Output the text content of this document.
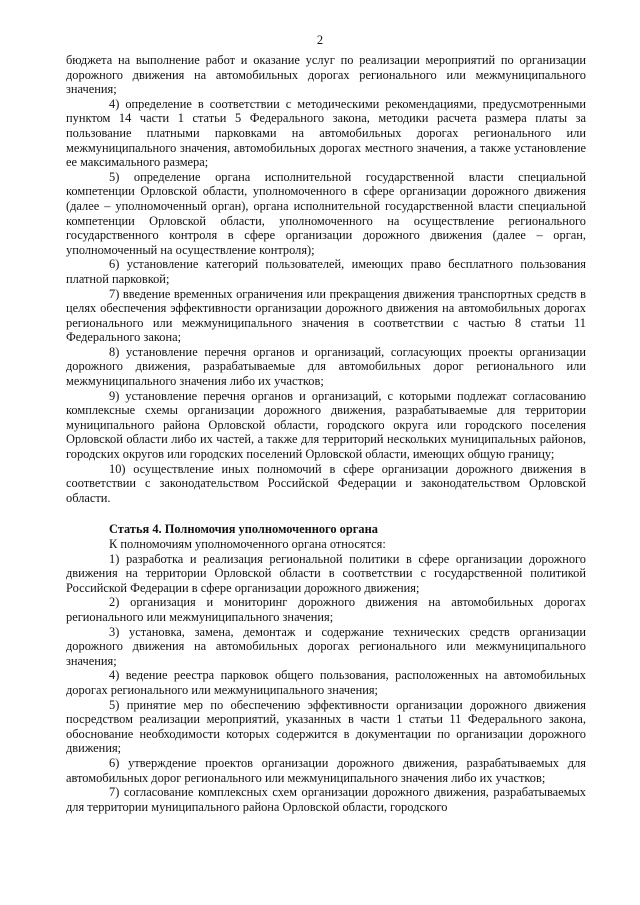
2

бюджета на выполнение работ и оказание услуг по реализации мероприятий по организации дорожного движения на автомобильных дорогах регионального или межмуниципального значения;

4) определение в соответствии с методическими рекомендациями, предусмотренными пунктом 14 части 1 статьи 5 Федерального закона, методики расчета размера платы за пользование платными парковками на автомобильных дорогах регионального или межмуниципального значения, автомобильных дорогах местного значения, а также установление ее максимального размера;

5) определение органа исполнительной государственной власти специальной компетенции Орловской области, уполномоченного в сфере организации дорожного движения (далее – уполномоченный орган), органа исполнительной государственной власти специальной компетенции Орловской области, уполномоченного на осуществление регионального государственного контроля в сфере организации дорожного движения (далее – орган, уполномоченный на осуществление контроля);

6) установление категорий пользователей, имеющих право бесплатного пользования платной парковкой;

7) введение временных ограничения или прекращения движения транспортных средств в целях обеспечения эффективности организации дорожного движения на автомобильных дорогах регионального или межмуниципального значения в соответствии с частью 8 статьи 11 Федерального закона;

8) установление перечня органов и организаций, согласующих проекты организации дорожного движения, разрабатываемые для автомобильных дорог регионального или межмуниципального значения либо их участков;

9) установление перечня органов и организаций, с которыми подлежат согласованию комплексные схемы организации дорожного движения, разрабатываемые для территории муниципального района Орловской области, городского округа или городского поселения Орловской области либо их частей, а также для территорий нескольких муниципальных районов, городских округов или городских поселений Орловской области, имеющих общую границу;

10) осуществление иных полномочий в сфере организации дорожного движения в соответствии с законодательством Российской Федерации и законодательством Орловской области.

Статья 4. Полномочия уполномоченного органа

К полномочиям уполномоченного органа относятся:

1) разработка и реализация региональной политики в сфере организации дорожного движения на территории Орловской области в соответствии с государственной политикой Российской Федерации в сфере организации дорожного движения;

2) организация и мониторинг дорожного движения на автомобильных дорогах регионального или межмуниципального значения;

3) установка, замена, демонтаж и содержание технических средств организации дорожного движения на автомобильных дорогах регионального или межмуниципального значения;

4) ведение реестра парковок общего пользования, расположенных на автомобильных дорогах регионального или межмуниципального значения;

5) принятие мер по обеспечению эффективности организации дорожного движения посредством реализации мероприятий, указанных в части 1 статьи 11 Федерального закона, обоснование необходимости которых содержится в документации по организации дорожного движения;

6) утверждение проектов организации дорожного движения, разрабатываемых для автомобильных дорог регионального или межмуниципального значения либо их участков;

7) согласование комплексных схем организации дорожного движения, разрабатываемых для территории муниципального района Орловской области, городского
